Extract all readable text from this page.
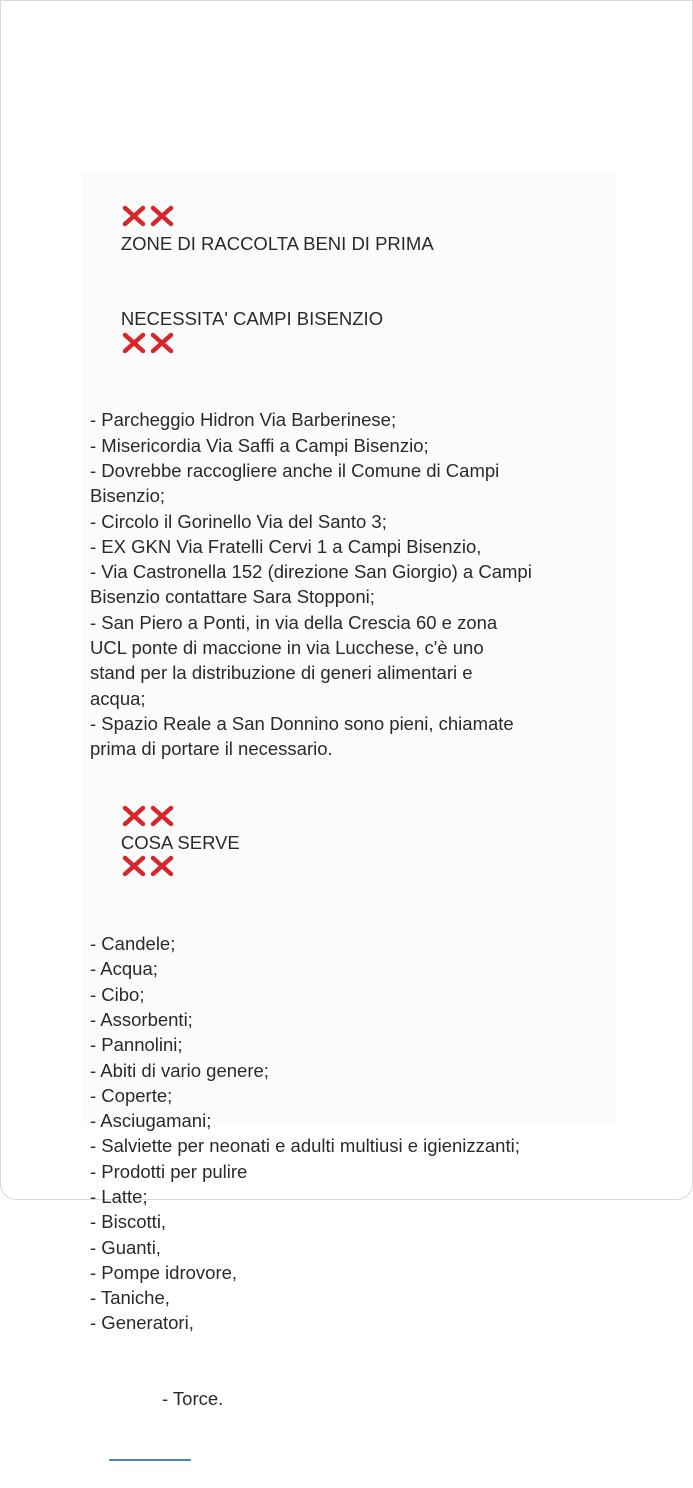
ZONE DI RACCOLTA BENI DI PRIMA

NECESSITA' CAMPI BISENZIO

- Parcheggio Hidron Via Barberinese;
- Misericordia Via Saffi a Campi Bisenzio;
- Dovrebbe raccogliere anche il Comune di Campi
Bisenzio;
- Circolo il Gorinello Via del Santo 3;
- EX GKN Via Fratelli Cervi 1 a Campi Bisenzio,
- Via Castronella 152 (direzione San Giorgio) a Campi
Bisenzio contattare Sara Stopponi;
- San Piero a Ponti, in via della Crescia 60 e zona
UCL ponte di maccione in via Lucchese, c'è uno
stand per la distribuzione di generi alimentari e
acqua;
- Spazio Reale a San Donnino sono pieni, chiamate
prima di portare il necessario.

COSA SERVE

- Candele;
- Acqua;
- Cibo;
- Assorbenti;
- Pannolini;
- Abiti di vario genere;
- Coperte;
- Asciugamani;
- Salviette per neonati e adulti multiusi e igienizzanti;
- Prodotti per pulire
- Latte;
- Biscotti,
- Guanti,
- Pompe idrovore,
- Taniche,
- Generatori,

- Torce.
